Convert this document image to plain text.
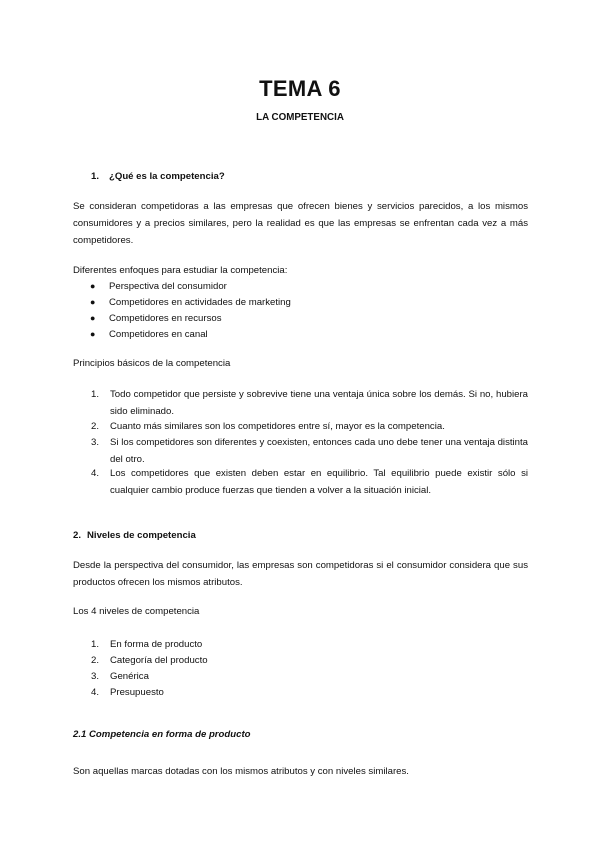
TEMA 6
LA COMPETENCIA
1. ¿Qué es la competencia?
Se consideran competidoras a las empresas que ofrecen bienes y servicios parecidos, a los mismos consumidores y a precios similares, pero la realidad es que las empresas se enfrentan cada vez a más competidores.
Diferentes enfoques para estudiar la competencia:
● Perspectiva del consumidor
● Competidores en actividades de marketing
● Competidores en recursos
● Competidores en canal
Principios básicos de la competencia
1. Todo competidor que persiste y sobrevive tiene una ventaja única sobre los demás. Si no, hubiera sido eliminado.
2. Cuanto más similares son los competidores entre sí, mayor es la competencia.
3. Si los competidores son diferentes y coexisten, entonces cada uno debe tener una ventaja distinta del otro.
4. Los competidores que existen deben estar en equilibrio. Tal equilibrio puede existir sólo si cualquier cambio produce fuerzas que tienden a volver a la situación inicial.
2. Niveles de competencia
Desde la perspectiva del consumidor, las empresas son competidoras si el consumidor considera que sus productos ofrecen los mismos atributos.
Los 4 niveles de competencia
1. En forma de producto
2. Categoría del producto
3. Genérica
4. Presupuesto
2.1 Competencia en forma de producto
Son aquellas marcas dotadas con los mismos atributos y con niveles similares.
